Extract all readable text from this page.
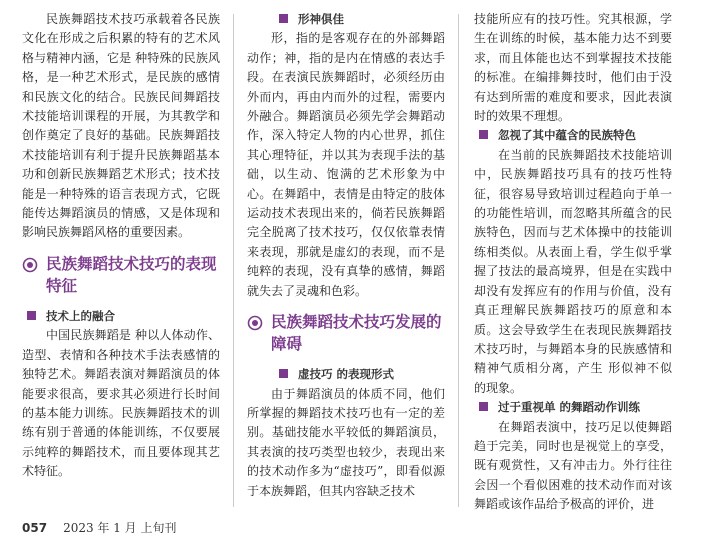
民族舞蹈技术技巧承载着各民族文化在形成之后积累的特有的艺术风格与精神内涵，它是 种特殊的民族风格，是一种艺术形式，是民族的感情和民族文化的结合。民族民间舞蹈技术技能培训课程的开展，为其教学和创作奠定了良好的基础。民族舞蹈技术技能培训有利于提升民族舞蹈基本功和创新民族舞蹈艺术形式；技术技能是一种特殊的语言表现方式，它既能传达舞蹈演员的情感，又是体现和影响民族舞蹈风格的重要因素。

民族舞蹈技术技巧的表现特征

技术上的融合

中国民族舞蹈是 种以人体动作、造型、表情和各种技术手法表感情的独特艺术。舞蹈表演对舞蹈演员的体能要求很高，要求其必须进行长时间的基本能力训练。民族舞蹈技术的训练有别于普通的体能训练，不仅要展示纯粹的舞蹈技术，而且要体现其艺术特征。

形神俱佳

形，指的是客观存在的外部舞蹈动作；神，指的是内在情感的表达手段。在表演民族舞蹈时，必须经历由外而内，再由内而外的过程，需要内外融合。舞蹈演员必须先学会舞蹈动作，深入特定人物的内心世界，抓住其心理特征，并以其为表现手法的基础，以生动、饱满的艺术形象为中心。在舞蹈中，表情是由特定的肢体运动技术表现出来的，倘若民族舞蹈完全脱离了技术技巧，仅仅依靠表情来表现，那就是虚幻的表现，而不是纯粹的表现，没有真挚的感情，舞蹈就失去了灵魂和色彩。

民族舞蹈技术技巧发展的障碍

虚技巧 的表现形式

由于舞蹈演员的体质不同，他们所掌握的舞蹈技术技巧也有一定的差别。基础技能水平较低的舞蹈演员，其表演的技巧类型也较少，表现出来的技术动作多为“虚技巧”，即看似源于本族舞蹈，但其内容缺乏技术

技能所应有的技巧性。究其根源，学生在训练的时候，基本能力达不到要求，而且体能也达不到掌握技术技能的标准。在编排舞技时，他们由于没有达到所需的难度和要求，因此表演时的效果不理想。

忽视了其中蕴含的民族特色

在当前的民族舞蹈技术技能培训中，民族舞蹈技巧具有的技巧性特征，很容易导致培训过程趋向于单一的功能性培训，而忽略其所蕴含的民族特色，因而与艺术体操中的技能训练相类似。从表面上看，学生似乎掌握了技法的最高境界，但是在实践中却没有发挥应有的作用与价值，没有真正理解民族舞蹈技巧的原意和本质。这会导致学生在表现民族舞蹈技术技巧时，与舞蹈本身的民族感情和精神气质相分离，产生 形似神不似 的现象。

过于重视单 的舞蹈动作训练

在舞蹈表演中，技巧足以使舞蹈趋于完美，同时也是视觉上的享受，既有观赏性，又有冲击力。外行往往会因一个看似困难的技术动作而对该舞蹈或该作品给予极高的评价，进

057 2023 年 1 月 上旬刊
